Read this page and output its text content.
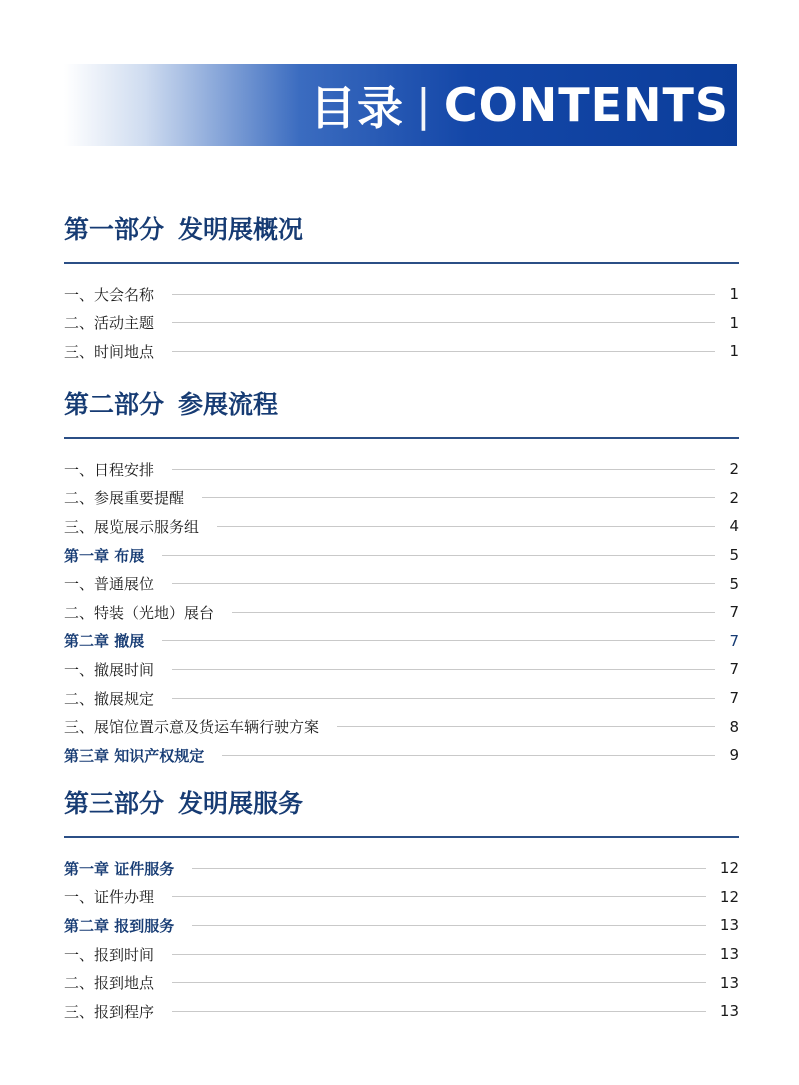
目录 | CONTENTS
第一部分 发明展概况
一、大会名称	1
二、活动主题	1
三、时间地点	1
第二部分 参展流程
一、日程安排	2
二、参展重要提醒	2
三、展览展示服务组	4
第一章 布展	5
一、普通展位	5
二、特装（光地）展台	7
第二章 撤展	7
一、撤展时间	7
二、撤展规定	7
三、展馆位置示意及货运车辆行驶方案	8
第三章 知识产权规定	9
第三部分 发明展服务
第一章 证件服务	12
一、证件办理	12
第二章 报到服务	13
一、报到时间	13
二、报到地点	13
三、报到程序	13
